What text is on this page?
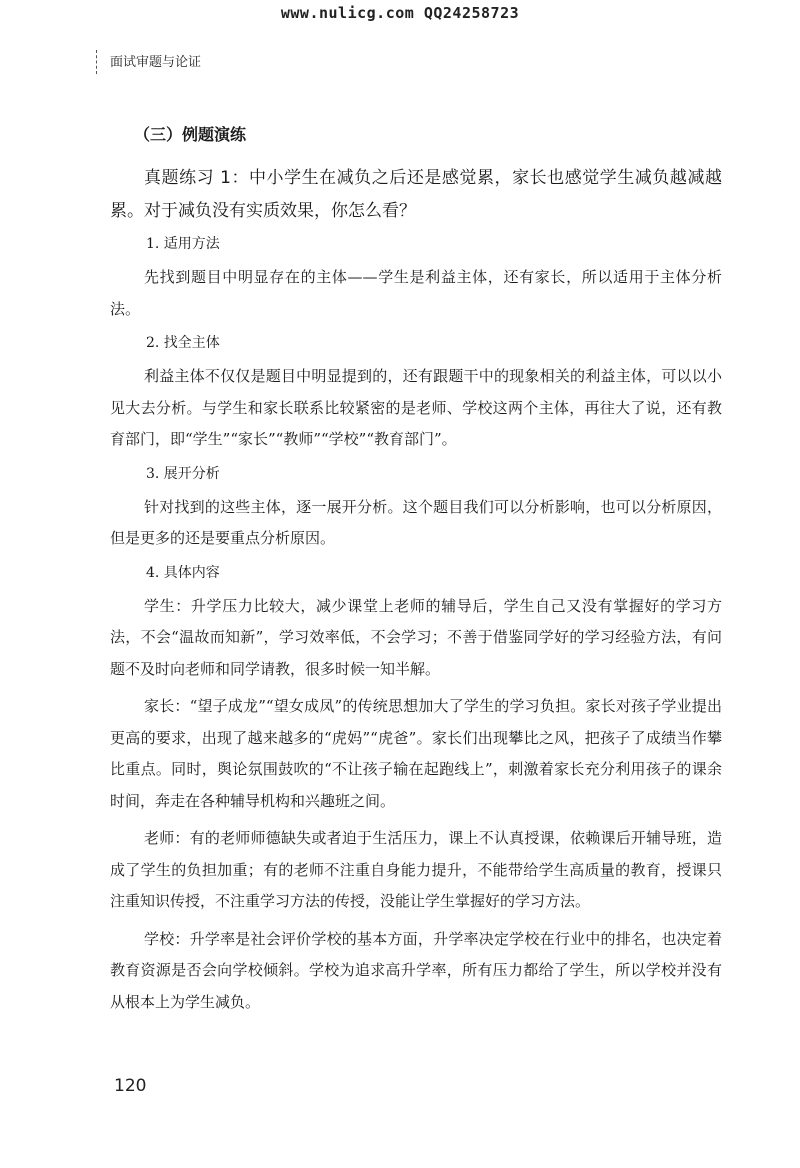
www.nulicg.com QQ24258723
面试审题与论证
（三）例题演练

真题练习 1：中小学生在减负之后还是感觉累，家长也感觉学生减负越减越累。对于减负没有实质效果，你怎么看？

1. 适用方法

先找到题目中明显存在的主体——学生是利益主体，还有家长，所以适用于主体分析法。

2. 找全主体

利益主体不仅仅是题目中明显提到的，还有跟题干中的现象相关的利益主体，可以以小见大去分析。与学生和家长联系比较紧密的是老师、学校这两个主体，再往大了说，还有教育部门，即“学生”“家长”“教师”“学校”“教育部门”。

3. 展开分析

针对找到的这些主体，逐一展开分析。这个题目我们可以分析影响，也可以分析原因，但是更多的还是要重点分析原因。

4. 具体内容

学生：升学压力比较大，减少课堂上老师的辅导后，学生自己又没有掌握好的学习方法，不会“温故而知新”，学习效率低，不会学习；不善于借鉴同学好的学习经验方法，有问题不及时向老师和同学请教，很多时候一知半解。

家长：“望子成龙”“望女成凤”的传统思想加大了学生的学习负担。家长对孩子学业提出更高的要求，出现了越来越多的“虎妈”“虎爸”。家长们出现攀比之风，把孩子了成绩当作攀比重点。同时，舆论氛围鼓吹的“不让孩子输在起跑线上”，刺激着家长充分利用孩子的课余时间，奔走在各种辅导机构和兴趣班之间。

老师：有的老师师德缺失或者迫于生活压力，课上不认真授课，依赖课后开辅导班，造成了学生的负担加重；有的老师不注重自身能力提升，不能带给学生高质量的教育，授课只注重知识传授，不注重学习方法的传授，没能让学生掌握好的学习方法。

学校：升学率是社会评价学校的基本方面，升学率决定学校在行业中的排名，也决定着教育资源是否会向学校倾斜。学校为追求高升学率，所有压力都给了学生，所以学校并没有从根本上为学生减负。

120
